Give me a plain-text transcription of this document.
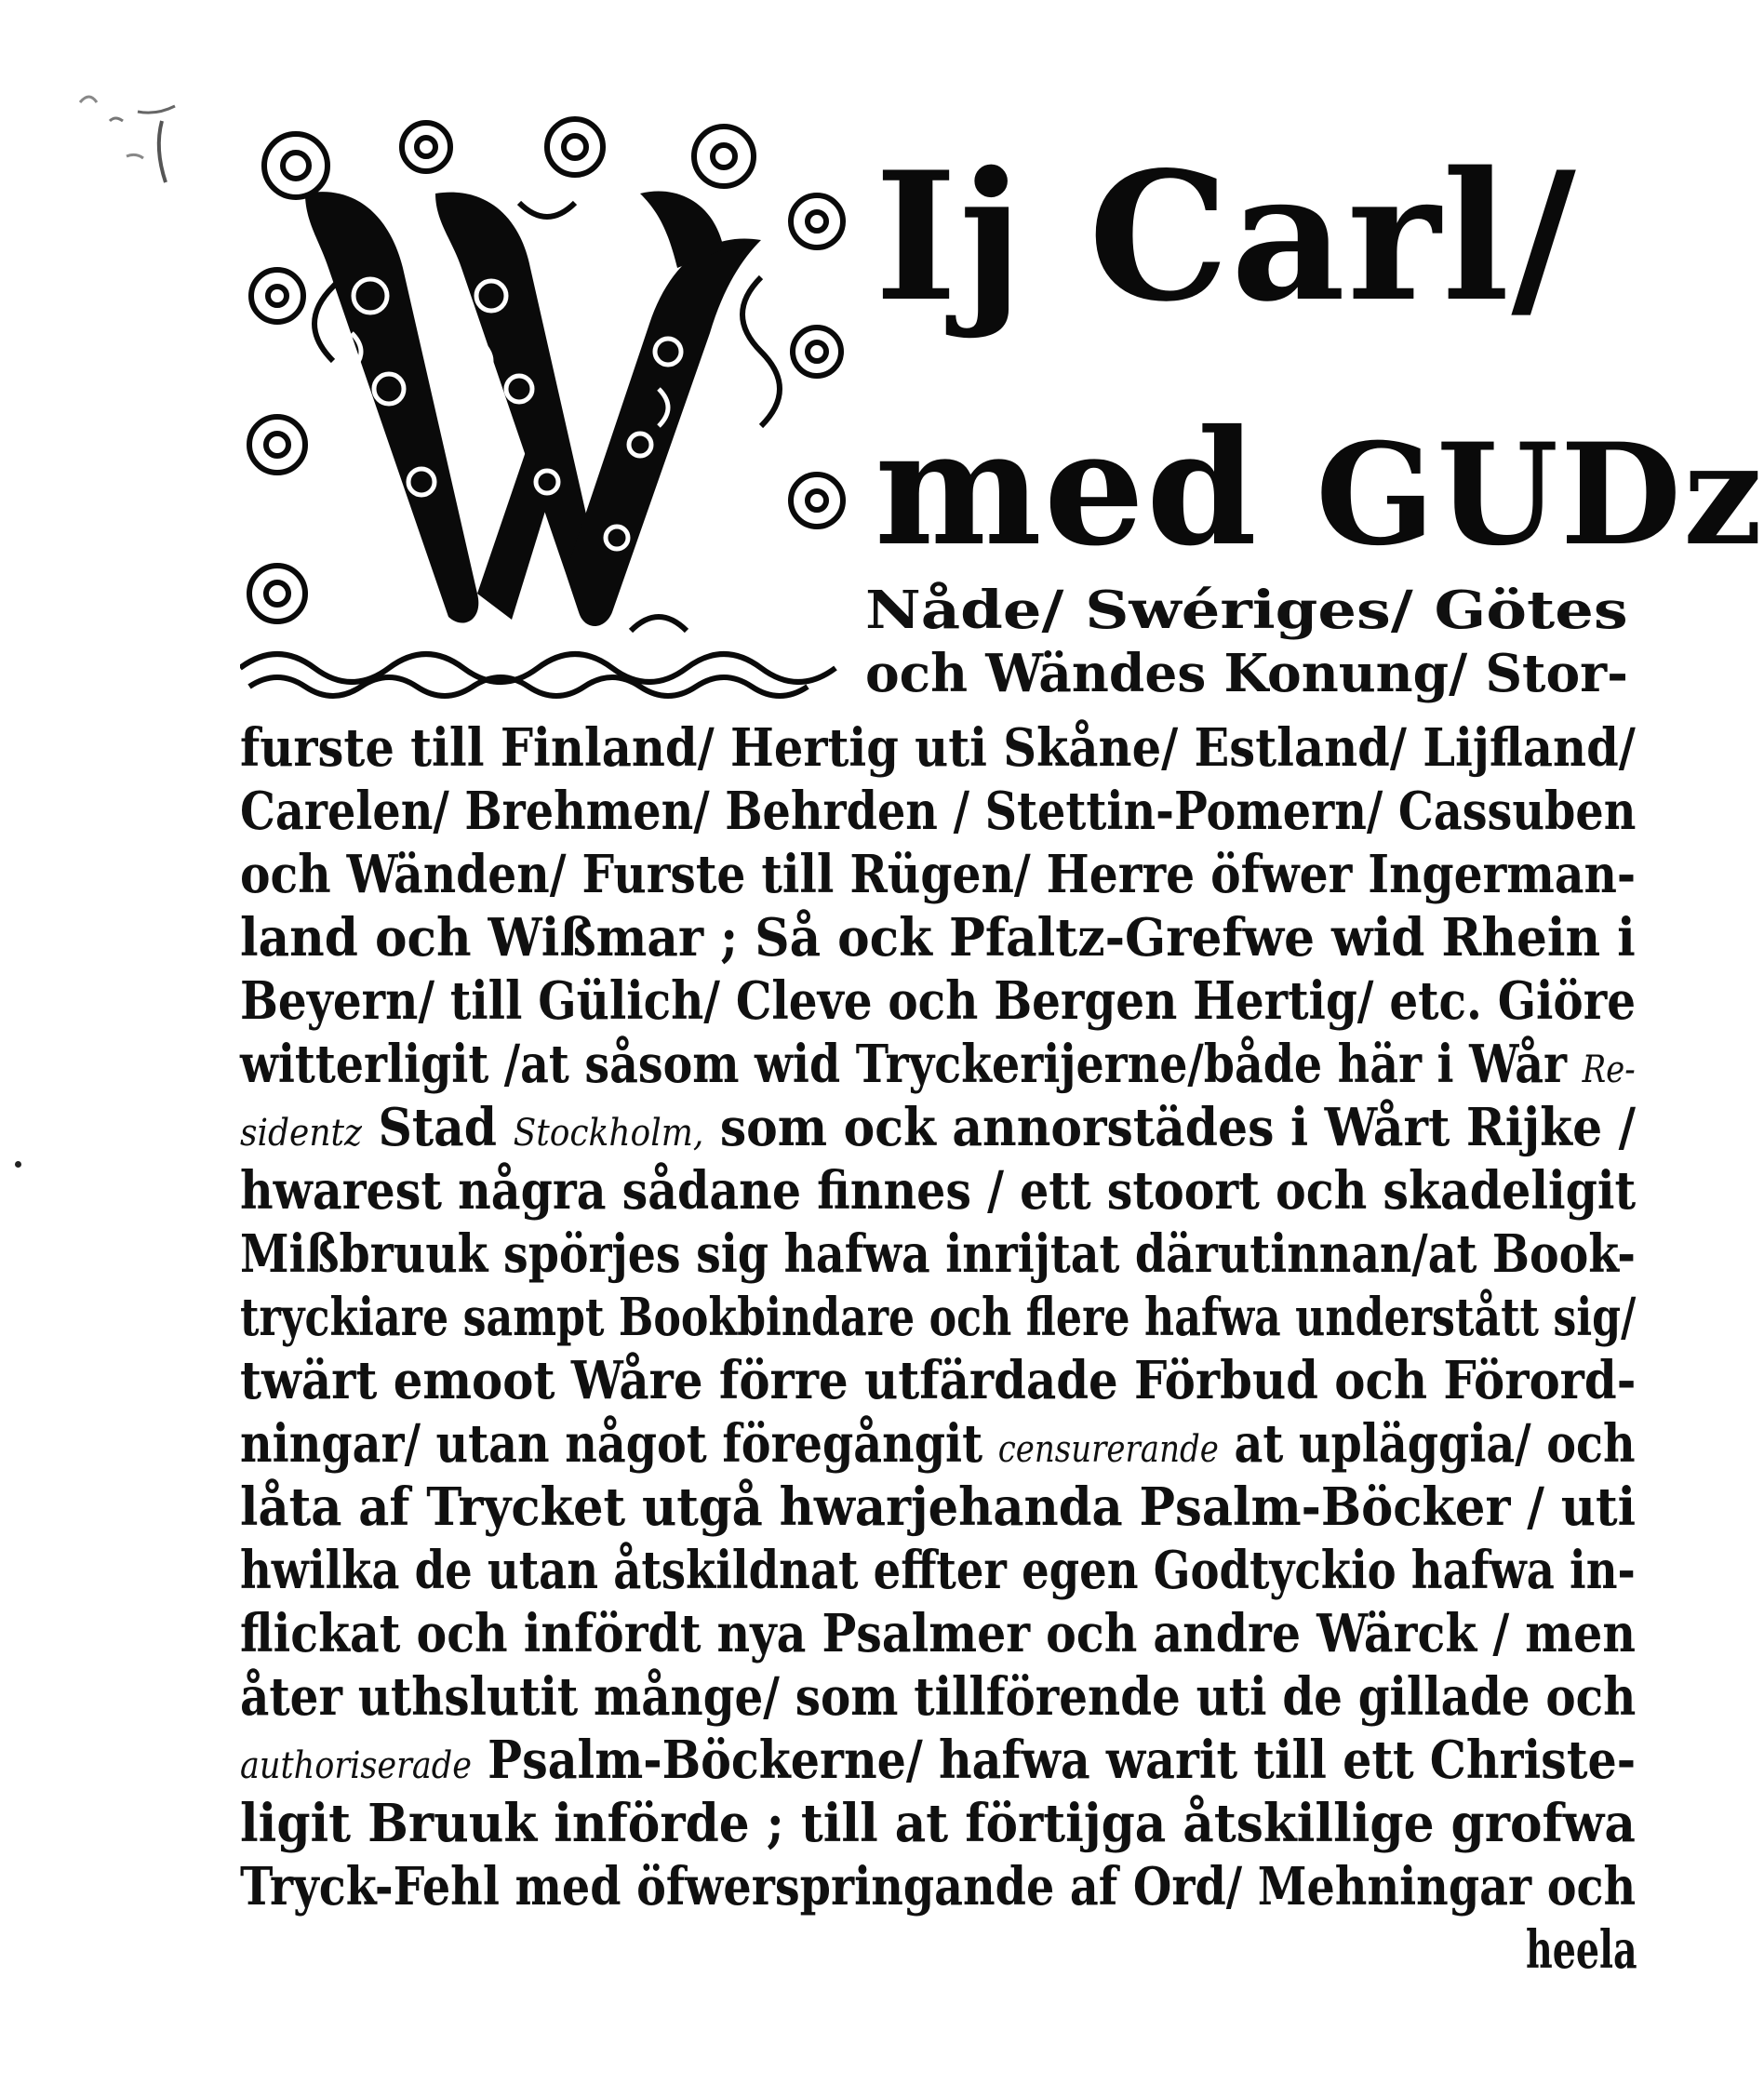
Ij Carl/
med GUDz
Nåde/ Swériges/ Götes
och Wändes Konung/ Stor-
furste till Finland/ Hertig uti Skåne/ Estland/ Lijfland/
Carelen/ Brehmen/ Behrden / Stettin-Pomern/ Cassuben
och Wänden/ Furste till Rügen/ Herre öfwer Ingerman-
land och Wißmar ; Så ock Pfaltz-Grefwe wid Rhein i
Beyern/ till Gülich/ Cleve och Bergen Hertig/ etc. Giöre
witterligit /at såsom wid Tryckerijerne/både här i Wår Re-
sidentz Stad Stockholm, som ock annorstädes i Wårt Rijke /
hwarest några sådane finnes / ett stoort och skadeligit
Mißbruuk spörjes sig hafwa inrijtat därutinnan/at Book-
tryckiare sampt Bookbindare och flere hafwa understått sig/
twärt emoot Wåre förre utfärdade Förbud och Förord-
ningar/ utan något föregångit censurerande at upläggia/ och
låta af Trycket utgå hwarjehanda Psalm-Böcker / uti
hwilka de utan åtskildnat effter egen Godtyckio hafwa in-
flickat och infördt nya Psalmer och andre Wärck / men
åter uthslutit månge/ som tillförende uti de gillade och
authoriserade Psalm-Böckerne/ hafwa warit till ett Christe-
ligit Bruuk införde ; till at förtijga åtskillige grofwa
Tryck-Fehl med öfwerspringande af Ord/ Mehningar och
heela
